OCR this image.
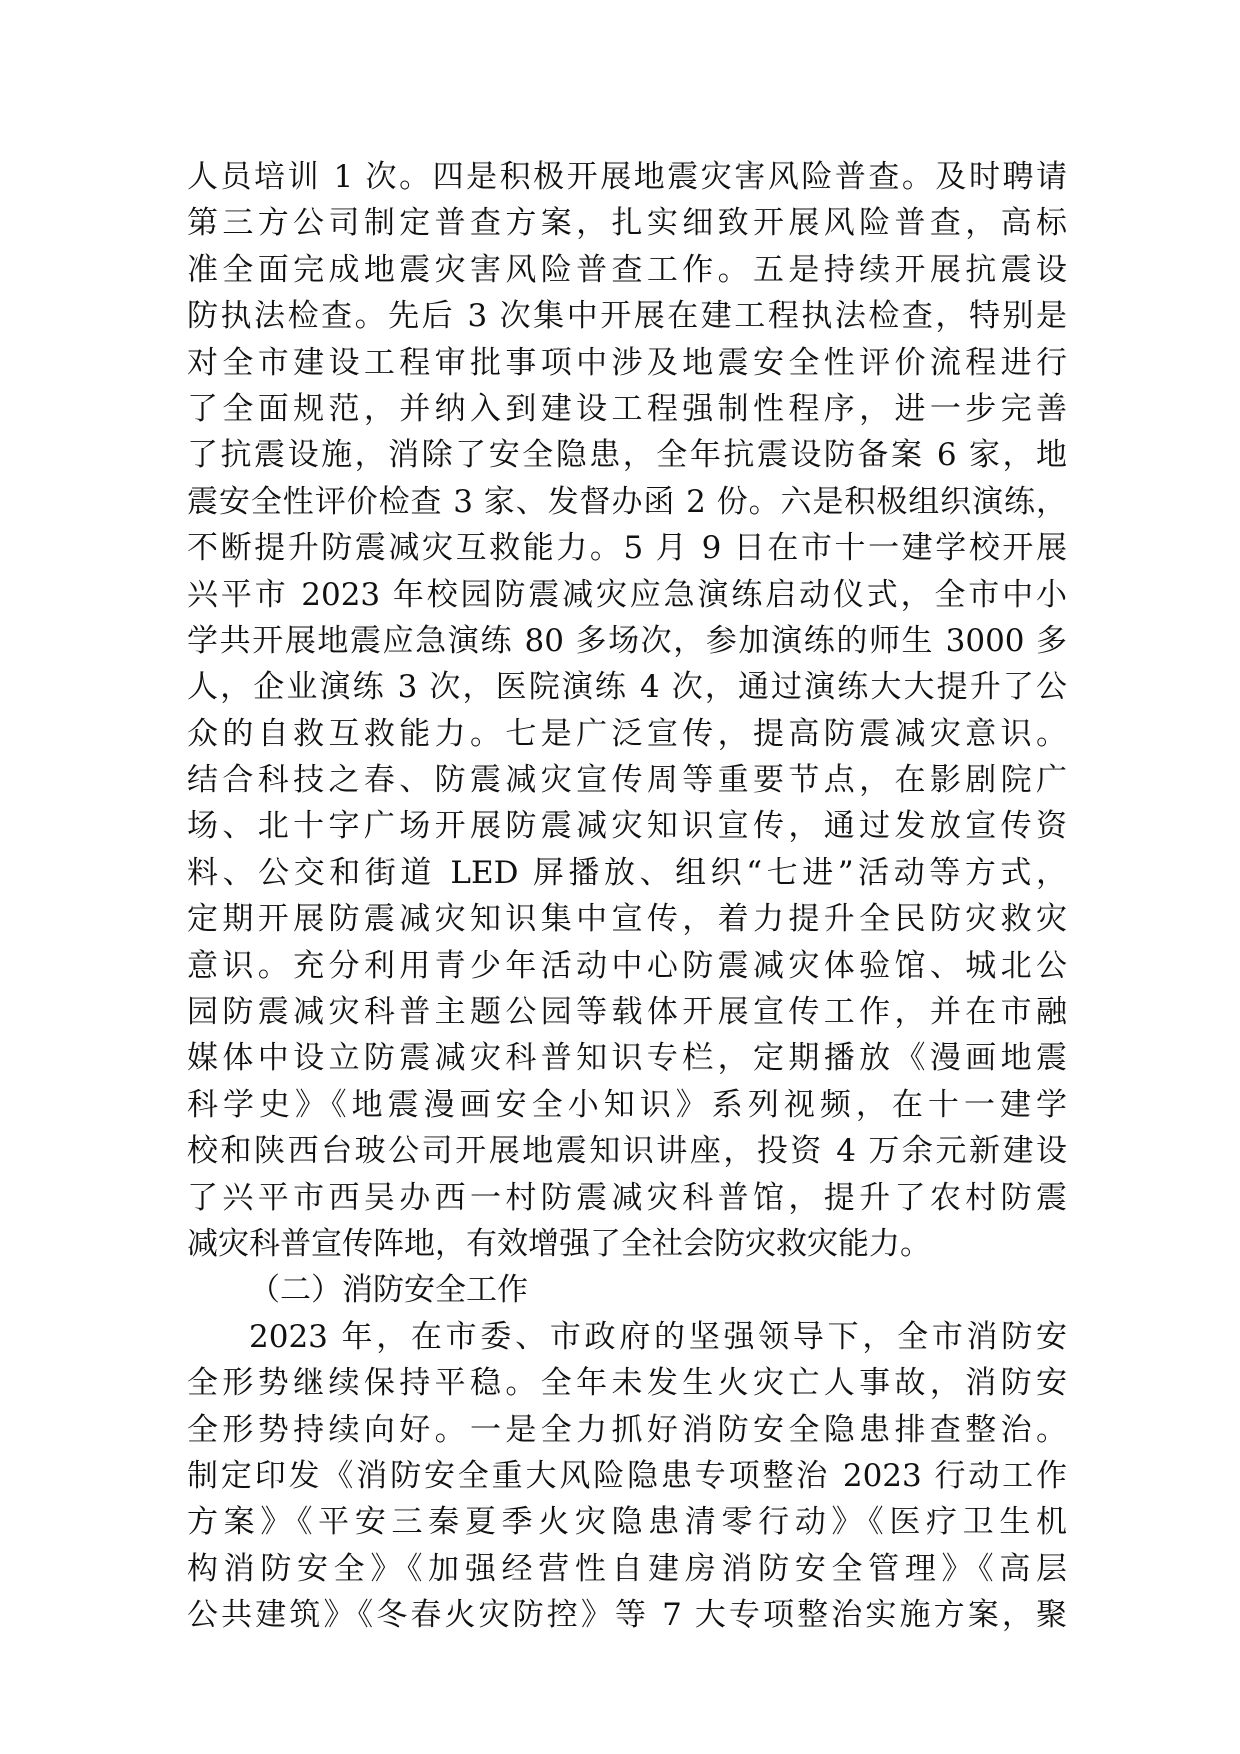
人员培训 1 次。四是积极开展地震灾害风险普查。及时聘请
第三方公司制定普查方案，扎实细致开展风险普查，高标
准全面完成地震灾害风险普查工作。五是持续开展抗震设
防执法检查。先后 3 次集中开展在建工程执法检查，特别是
对全市建设工程审批事项中涉及地震安全性评价流程进行
了全面规范，并纳入到建设工程强制性程序，进一步完善
了抗震设施，消除了安全隐患，全年抗震设防备案 6 家，地
震安全性评价检查 3 家、发督办函 2 份。六是积极组织演练，
不断提升防震减灾互救能力。5 月 9 日在市十一建学校开展
兴平市 2023 年校园防震减灾应急演练启动仪式，全市中小
学共开展地震应急演练 80 多场次，参加演练的师生 3000 多
人，企业演练 3 次，医院演练 4 次，通过演练大大提升了公
众的自救互救能力。七是广泛宣传，提高防震减灾意识。
结合科技之春、防震减灾宣传周等重要节点，在影剧院广
场、北十字广场开展防震减灾知识宣传，通过发放宣传资
料、公交和街道 LED 屏播放、组织“七进”活动等方式，
定期开展防震减灾知识集中宣传，着力提升全民防灾救灾
意识。充分利用青少年活动中心防震减灾体验馆、城北公
园防震减灾科普主题公园等载体开展宣传工作，并在市融
媒体中设立防震减灾科普知识专栏，定期播放《漫画地震
科学史》《地震漫画安全小知识》系列视频，在十一建学
校和陕西台玻公司开展地震知识讲座，投资 4 万余元新建设
了兴平市西吴办西一村防震减灾科普馆，提升了农村防震
减灾科普宣传阵地，有效增强了全社会防灾救灾能力。
（二）消防安全工作
2023 年，在市委、市政府的坚强领导下，全市消防安
全形势继续保持平稳。全年未发生火灾亡人事故，消防安
全形势持续向好。一是全力抓好消防安全隐患排查整治。
制定印发《消防安全重大风险隐患专项整治 2023 行动工作
方案》《平安三秦夏季火灾隐患清零行动》《医疗卫生机
构消防安全》《加强经营性自建房消防安全管理》《高层
公共建筑》《冬春火灾防控》等 7 大专项整治实施方案，聚
